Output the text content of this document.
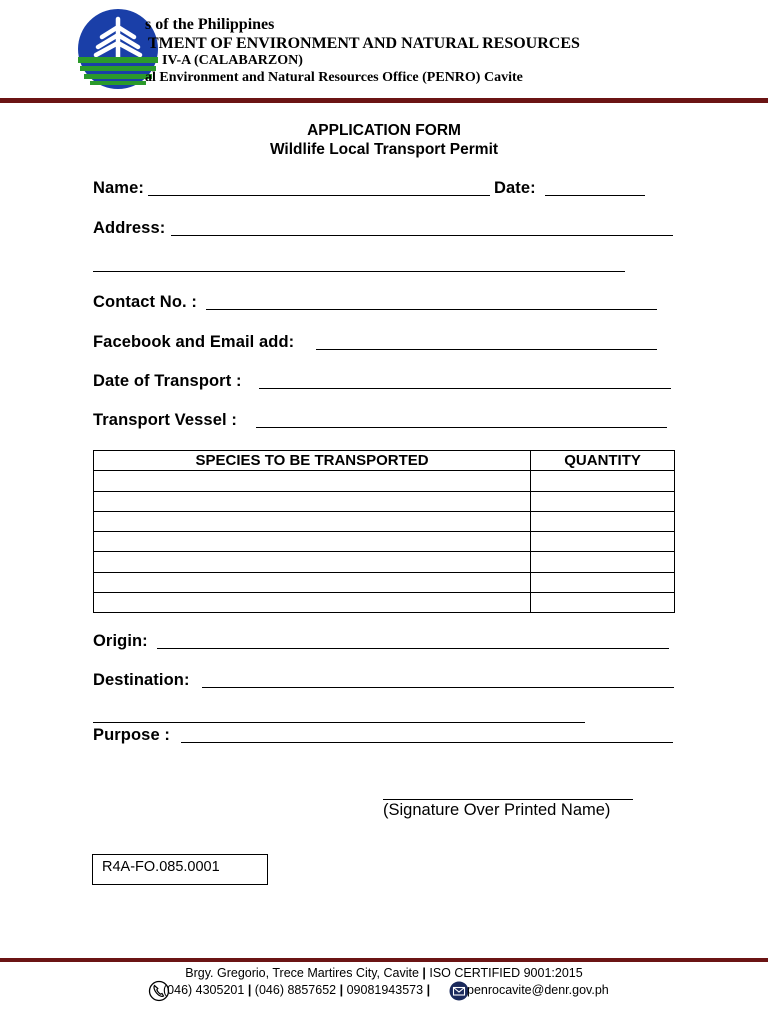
s of the Philippines
TMENT OF ENVIRONMENT AND NATURAL RESOURCES
IV-A (CALABARZON)
al Environment and Natural Resources Office (PENRO) Cavite
APPLICATION FORM
Wildlife Local Transport Permit
Name:	Date:
Address:
Contact No. :
Facebook and Email add:
Date of Transport :
Transport Vessel :
SPECIES TO BE TRANSPORTED	QUANTITY

Origin:
Destination:
Purpose :
(Signature Over Printed Name)
R4A-FO.085.0001
Brgy. Gregorio, Trece Martires City, Cavite | ISO CERTIFIED 9001:2015
(046) 4305201 | (046) 8857652 | 09081943573 |	penrocavite@denr.gov.ph
